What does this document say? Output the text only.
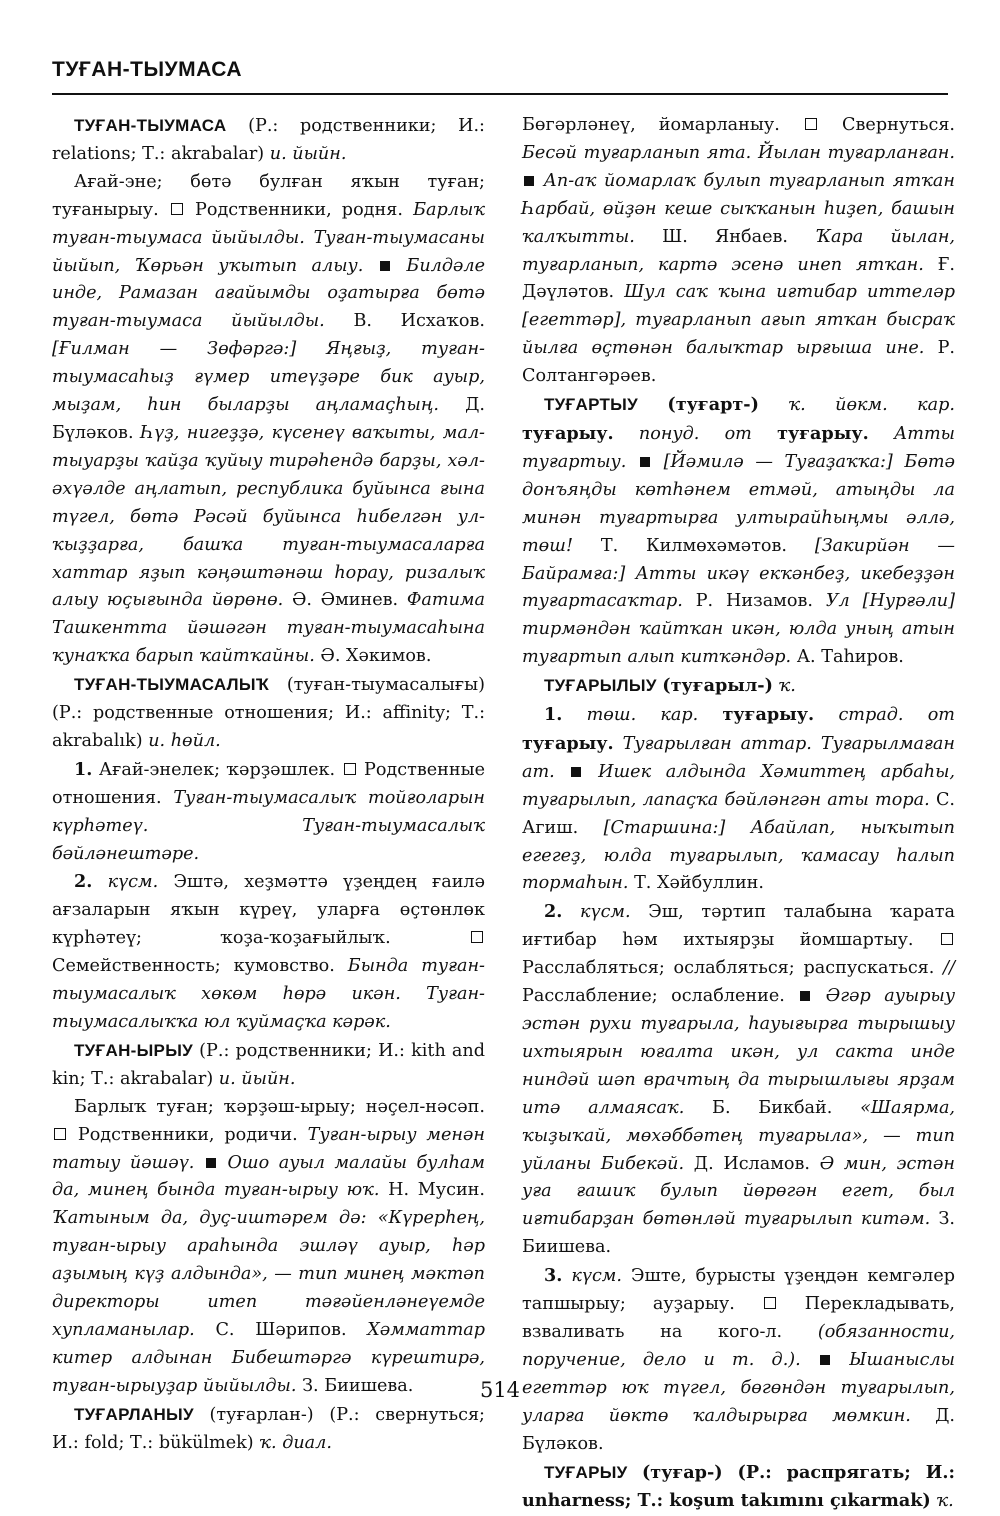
ТУҒАН-ТЫУМАСА

ТУҒАН-ТЫУМАСА (Р.: родственники; И.: relations; Т.: akrabalar) и. йыйн.

Ағай-эне; бөтә булған яҡын туған; туғанырыу. Родственники, родня. Барлыҡ туған-тыумаса йыйылды. Туған-тыумасаны йыйып, Ҡөрьән уҡытып алыу. Билдәле инде, Рамазан ағайымды оҙатырға бөтә туған-тыумаса йыйылды. В. Исхаҡов. [Ғилман — Зөфәргә:] Яңғыҙ, туған-тыумасаһыҙ ғүмер итеүҙәре бик ауыр, мыҙам, һин быларҙы аңламаҫһың. Д. Бүләков. Һүҙ, нигеҙҙә, күсенеү ваҡыты, мал-тыуарҙы ҡайҙа ҡуйыу тирәһендә барҙы, хәл-әхүәлде аңлатып, республика буйынса ғына түгел, бөтә Рәсәй буйынса һибелгән ул-ҡыҙҙарға, башҡа туған-тыумасаларға хаттар яҙып кәңәштәнәш һорау, ризалыҡ алыу юҫығында йөрөнө. Ә. Әминев. Фатима Ташкентта йәшәгән туған-тыумасаһына ҡунаҡҡа барып ҡайтҡайны. Ә. Хәкимов.

ТУҒАН-ТЫУМАСАЛЫҠ (туған-тыумасалығы) (Р.: родственные отношения; И.: affinity; Т.: akrabalık) и. һөйл.

1. Ағай-энелек; ҡәрҙәшлек. Родственные отношения. Туған-тыумасалыҡ тойғоларын күрһәтеү. Туған-тыумасалыҡ бәйләнештәре.

2. күсм. Эштә, хеҙмәттә үҙеңдең ғаилә ағзаларын яҡын күреү, уларға өҫтөнлөк күрһәтеү; ҡоҙа-ҡоҙағыйлыҡ.  Семейственность; кумовство. Бында туған-тыумасалыҡ хөкөм һөрә икән. Туған-тыумасалыҡҡа юл ҡуймаҫҡа кәрәк.

ТУҒАН-ЫРЫУ (Р.: родственники; И.: kith and kin; Т.: akrabalar) и. йыйн.

Барлыҡ туған; ҡәрҙәш-ырыу; нәҫел-нәсәп.  Родственники, родичи. Туған-ырыу менән татыу йәшәү. Ошо ауыл малайы булһам да, минең бында туған-ырыу юҡ. Н. Мусин. Ҡатыным да, дуҫ-иштәрем дә: «Күрерһең, туған-ырыу араһында эшләү ауыр, һәр аҙымың күҙ алдында», — тип минең мәктәп директоры итеп тәғәйенләнеүемде хупламанылар. С. Шәрипов. Хәмматтар китер алдынан Бибештәргә күрештирә, туған-ырыуҙар йыйылды. З. Биишева.

ТУҒАРЛАНЫУ (туғарлан-) (Р.: свернуться; И.: fold; Т.: bükülmek) ҡ. диал.

Бөгәрләнеү, йомарланыу.	Свернуться. Бесәй туғарланып ята. Йылан туғарланған.  Ап-аҡ йомарлаҡ булып туғарланып ятҡан Һарбай, өйҙән кеше сыҡҡанын һиҙеп, башын ҡалҡытты. Ш. Янбаев. Ҡара йылан, туғарланып, картә эсенә инеп ятҡан. Ғ. Дәүләтов. Шул саҡ ҡына иғтибар иттеләр [егеттәр], туғарланып ағып ятҡан бысраҡ йылға өҫтөнән балыҡтар ырғыша ине. Р. Солтангәрәев.

ТУҒАРТЫУ (туғарт-) ҡ. йөкм. кар. туғарыу. понуд. от туғарыу. Атты туғартыу. [Йәмилә — Туғаҙаҡҡа:] Бөтә донъяңды көтһәнем етмәй, атыңды ла минән туғартырға ултырайһыңмы әллә, төш! Т. Килмөхәмәтов. [Закирйән — Байрамға:] Атты икәү екҡәнбеҙ, икебеҙҙән туғартасаҡтар. Р. Низамов. Ул [Нурғәли] тирмәндән ҡайтҡан икән, юлда уның атын туғартып алып китҡәндәр. А. Таһиров.

ТУҒАРЫЛЫУ (туғарыл-) ҡ.

1. төш. кар. туғарыу. страд. от туғарыу. Туғарылған аттар. Туғарылмаған ат. Ишек алдында Хәмиттең арбаһы, туғарылып, лапаҫҡа бәйләнгән аты тора. С. Агиш. [Старшина:] Абайлап, ныҡытып егегеҙ, юлда туғарылып, ҡамасау һалып тормаһын. Т. Хәйбуллин.

2. күсм. Эш, тәртип талабына ҡарата иғтибар һәм ихтыярҙы йомшартыу.  Расслабляться; ослабляться; распускаться. // Расслабление; ослабление. Әгәр ауырыу эстән рухи туғарыла, һауығырға тырышыу ихтыярын юғалта икән, ул сакта инде ниндәй шәп врачтың да тырышлығы ярҙам итә алмаясаҡ. Б. Бикбай. «Шаярма, ҡыҙыҡай, мөхәббәтең туғарыла», — тип уйланы Бибекәй. Д. Исламов. Ә мин, эстән уға ғашиҡ булып йөрөгән егет, был иғтибарҙан бөтөнләй туғарылып китәм. З. Биишева.

3. күсм. Эште, бурысты үҙеңдән кемгәлер тапшырыу; ауҙарыу.	Перекладывать, взваливать на кого-л. (обязанности, поручение, дело и т. д.).	Ышаныслы егеттәр юҡ түгел, бөгөндән туғарылып, уларға йөктө ҡалдырырға мөмкин. Д. Бүләков.

ТУҒАРЫУ (туғар-) (Р.: распрягать; И.: unharness; Т.: koşum takımını çıkarmak) ҡ.

514
